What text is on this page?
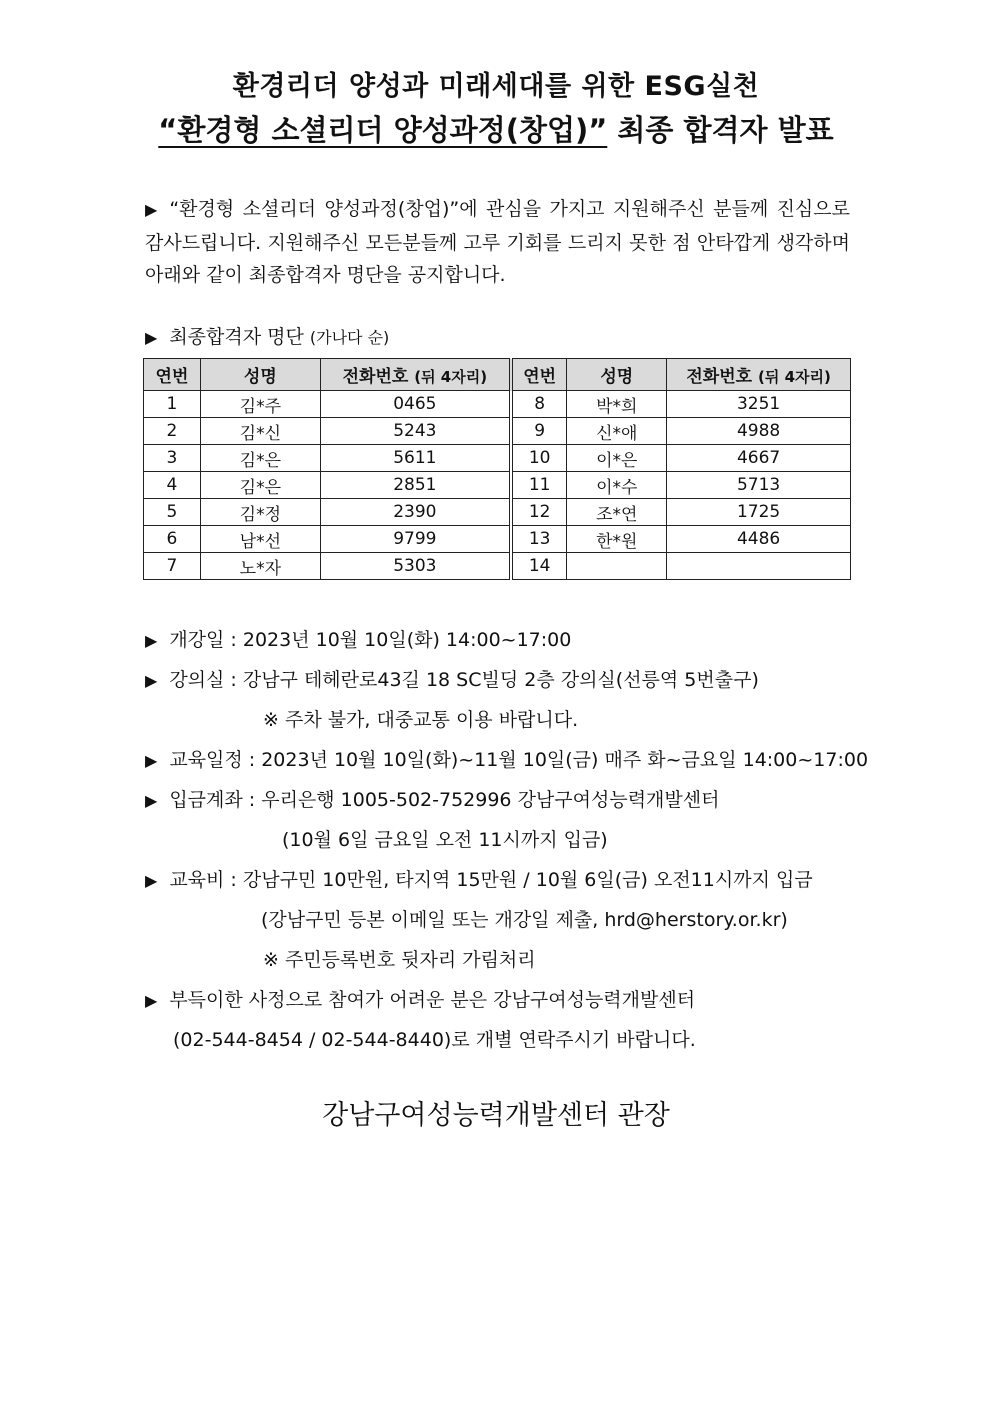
환경리더 양성과 미래세대를 위한 ESG실천
“환경형 소셜리더 양성과정(창업)” 최종 합격자 발표
▶ “환경형 소셜리더 양성과정(창업)”에 관심을 가지고 지원해주신 분들께 진심으로 감사드립니다. 지원해주신 모든분들께 고루 기회를 드리지 못한 점 안타깝게 생각하며 아래와 같이 최종합격자 명단을 공지합니다.
▶ 최종합격자 명단 (가나다 순)
연번	성명	전화번호 (뒤 4자리)	연번	성명	전화번호 (뒤 4자리)
1	김*주	0465	8	박*희	3251
2	김*신	5243	9	신*애	4988
3	김*은	5611	10	이*은	4667
4	김*은	2851	11	이*수	5713
5	김*정	2390	12	조*연	1725
6	남*선	9799	13	한*원	4486
7	노*자	5303	14		
▶ 개강일 : 2023년 10월 10일(화) 14:00~17:00
▶ 강의실 : 강남구 테헤란로43길 18 SC빌딩 2층 강의실(선릉역 5번출구)
※ 주차 불가, 대중교통 이용 바랍니다.
▶ 교육일정 : 2023년 10월 10일(화)~11월 10일(금) 매주 화~금요일 14:00~17:00
▶ 입금계좌 : 우리은행 1005-502-752996 강남구여성능력개발센터
(10월 6일 금요일 오전 11시까지 입금)
▶ 교육비 : 강남구민 10만원, 타지역 15만원 / 10월 6일(금) 오전11시까지 입금
(강남구민 등본 이메일 또는 개강일 제출, hrd@herstory.or.kr)
※ 주민등록번호 뒷자리 가림처리
▶ 부득이한 사정으로 참여가 어려운 분은 강남구여성능력개발센터
(02-544-8454 / 02-544-8440)로 개별 연락주시기 바랍니다.
강남구여성능력개발센터 관장
